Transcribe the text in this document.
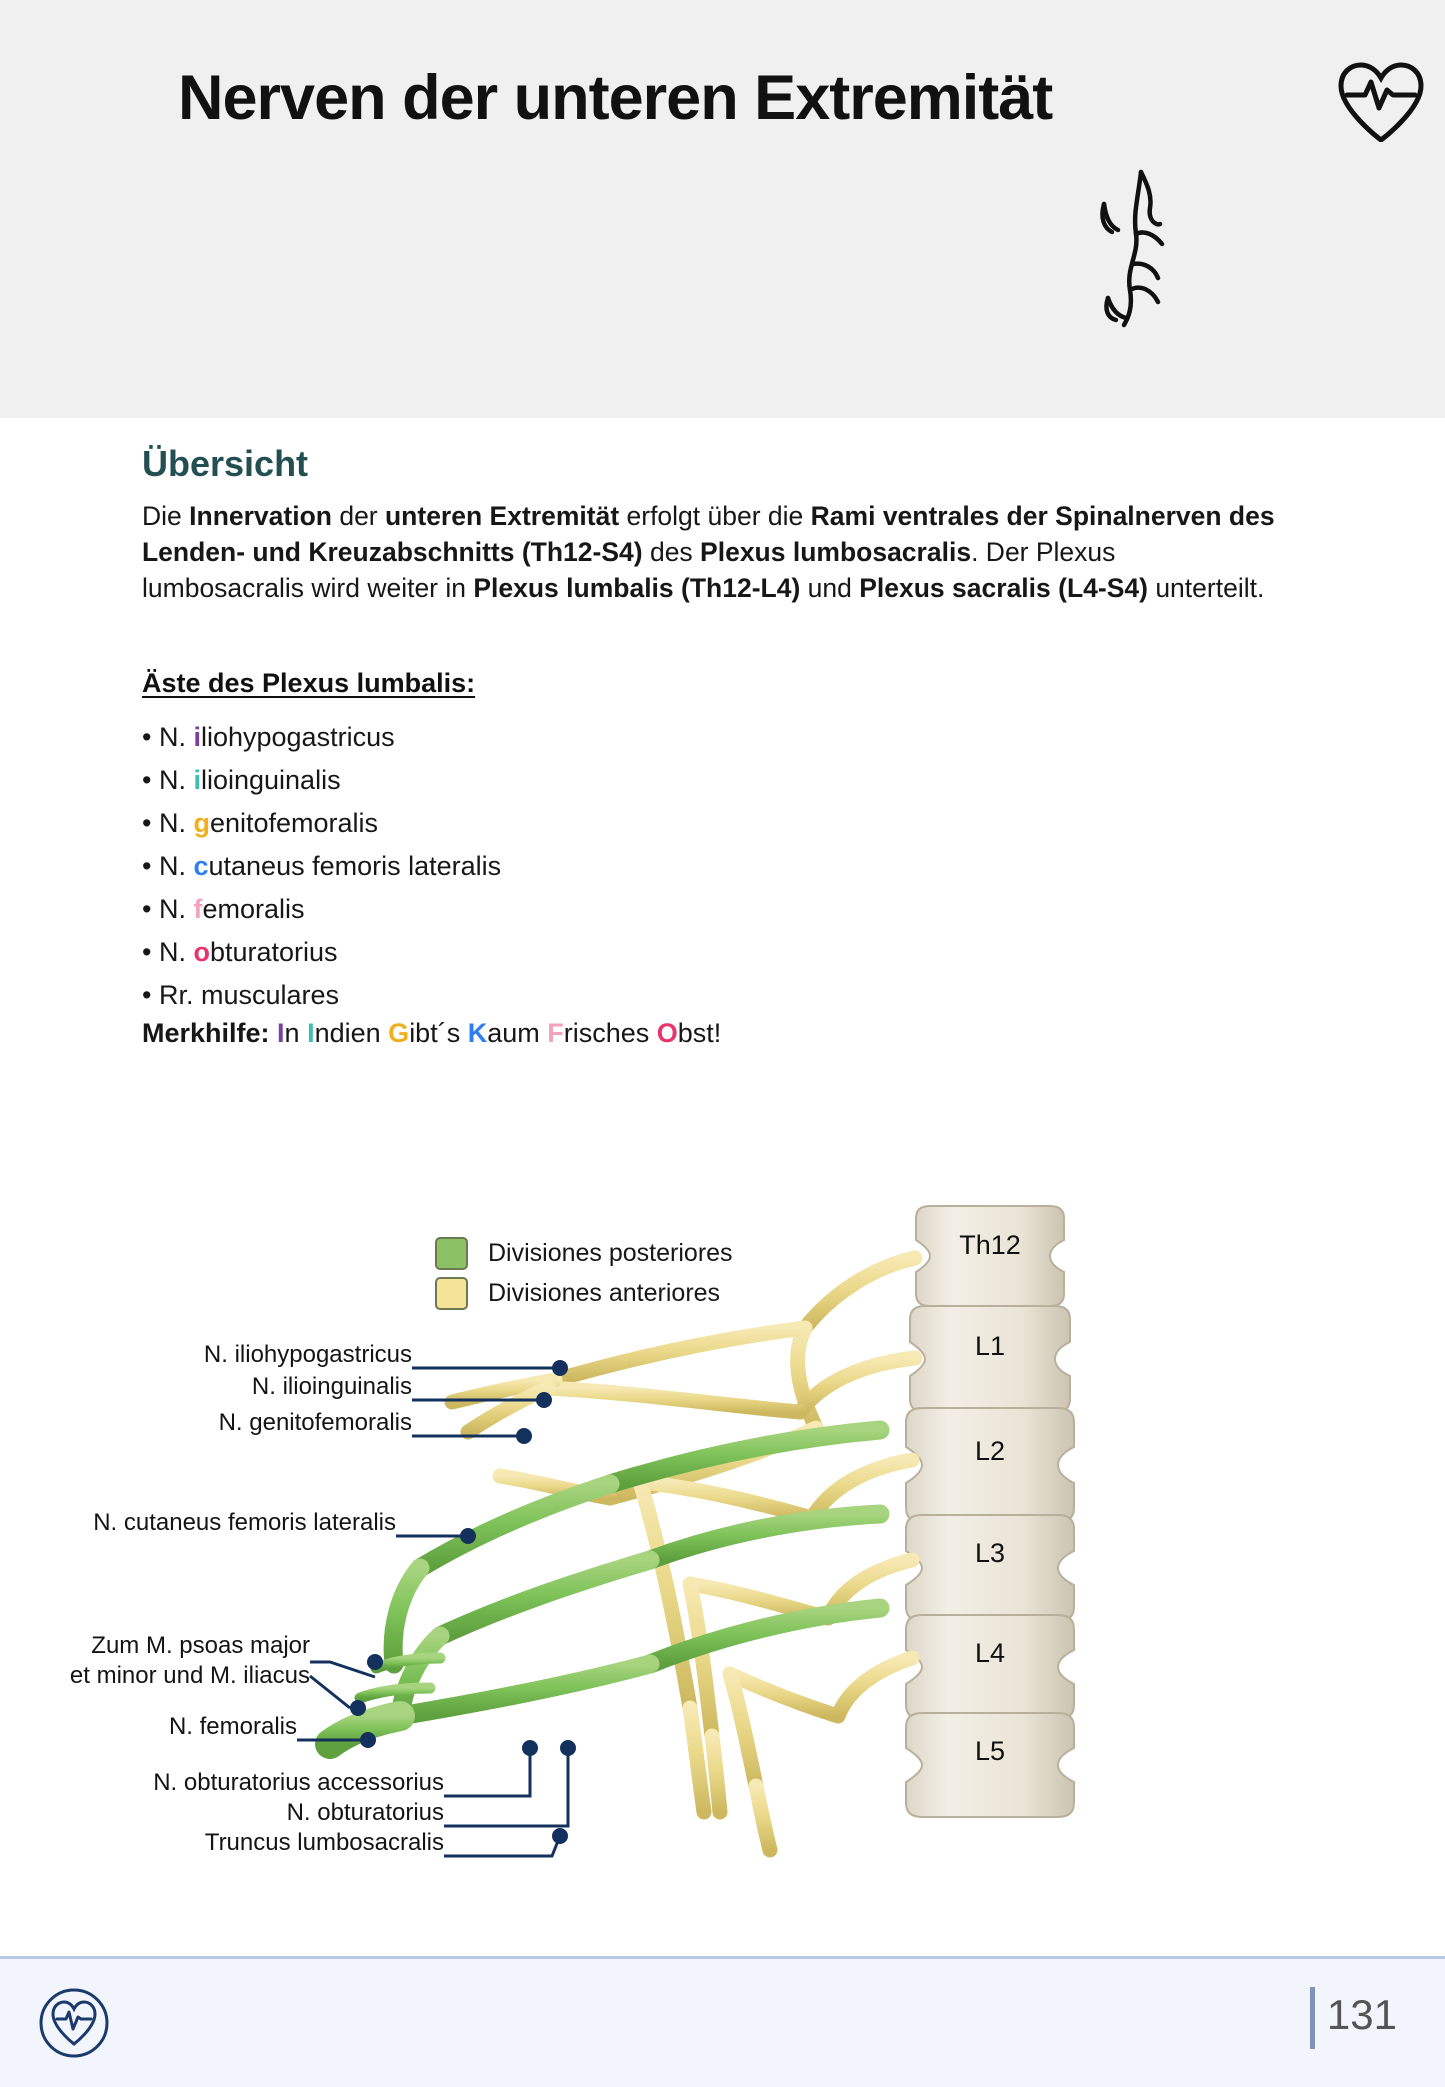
Nerven der unteren Extremität
Übersicht
Die Innervation der unteren Extremität erfolgt über die Rami ventrales der Spinalnerven des Lenden- und Kreuzabschnitts (Th12-S4) des Plexus lumbosacralis. Der Plexus lumbosacralis wird weiter in Plexus lumbalis (Th12-L4) und Plexus sacralis (L4-S4) unterteilt.
Äste des Plexus lumbalis:
• N. iliohypogastricus
• N. ilioinguinalis
• N. genitofemoralis
• N. cutaneus femoris lateralis
• N. femoralis
• N. obturatorius
• Rr. musculares
Merkhilfe: In Indien Gibt´s Kaum Frisches Obst!
Divisiones posteriores
Divisiones anteriores
N. iliohypogastricus
N. ilioinguinalis
N. genitofemoralis
N. cutaneus femoris lateralis
Zum M. psoas major
et minor und M. iliacus
N. femoralis
N. obturatorius accessorius
N. obturatorius
Truncus lumbosacralis
Th12
L1
L2
L3
L4
L5
131
